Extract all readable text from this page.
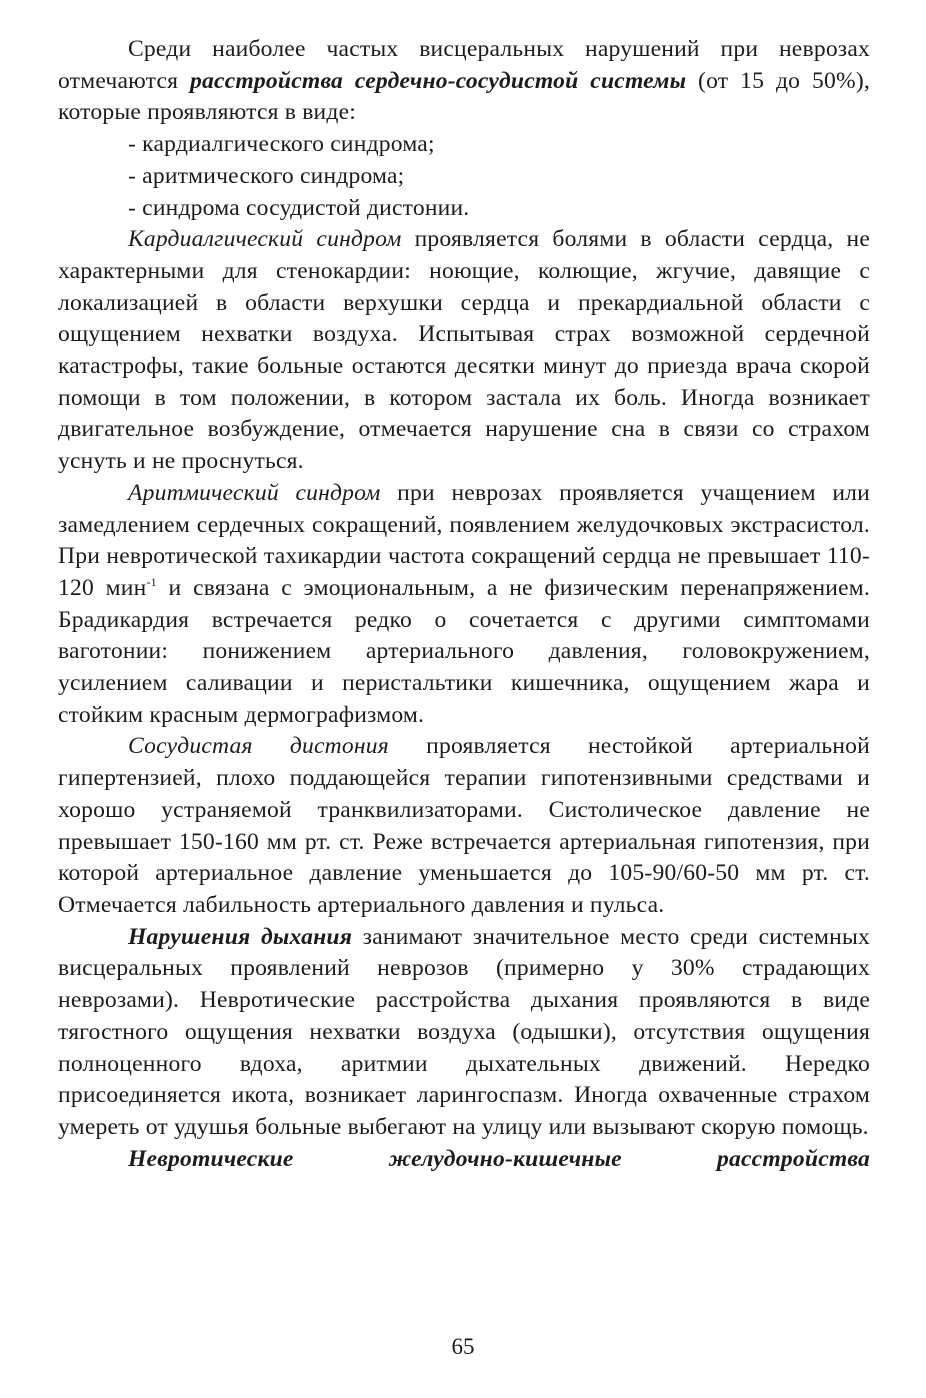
Среди наиболее частых висцеральных нарушений при неврозах отмечаются расстройства сердечно-сосудистой системы (от 15 до 50%), которые проявляются в виде:

- кардиалгического синдрома;
- аритмического синдрома;
- синдрома сосудистой дистонии.

Кардиалгический синдром проявляется болями в области сердца, не характерными для стенокардии: ноющие, колющие, жгучие, давящие с локализацией в области верхушки сердца и прекардиальной области с ощущением нехватки воздуха. Испытывая страх возможной сердечной катастрофы, такие больные остаются десятки минут до приезда врача скорой помощи в том положении, в котором застала их боль. Иногда возникает двигательное возбуждение, отмечается нарушение сна в связи со страхом уснуть и не проснуться.

Аритмический синдром при неврозах проявляется учащением или замедлением сердечных сокращений, появлением желудочковых экстрасистол. При невротической тахикардии частота сокращений сердца не превышает 110-120 мин$^{-1}$ и связана с эмоциональным, а не физическим перенапряжением. Брадикардия встречается редко о сочетается с другими симптомами ваготонии: понижением артериального давления, головокружением, усилением саливации и перистальтики кишечника, ощущением жара и стойким красным дермографизмом.

Сосудистая дистония проявляется нестойкой артериальной гипертензией, плохо поддающейся терапии гипотензивными средствами и хорошо устраняемой транквилизаторами. Систолическое давление не превышает 150-160 мм рт. ст. Реже встречается артериальная гипотензия, при которой артериальное давление уменьшается до 105-90/60-50 мм рт. ст. Отмечается лабильность артериального давления и пульса.

Нарушения дыхания занимают значительное место среди системных висцеральных проявлений неврозов (примерно у 30% страдающих неврозами). Невротические расстройства дыхания проявляются в виде тягостного ощущения нехватки воздуха (одышки), отсутствия ощущения полноценного вдоха, аритмии дыхательных движений. Нередко присоединяется икота, возникает ларингоспазм. Иногда охваченные страхом умереть от удушья больные выбегают на улицу или вызывают скорую помощь.

Невротические желудочно-кишечные расстройства

65
